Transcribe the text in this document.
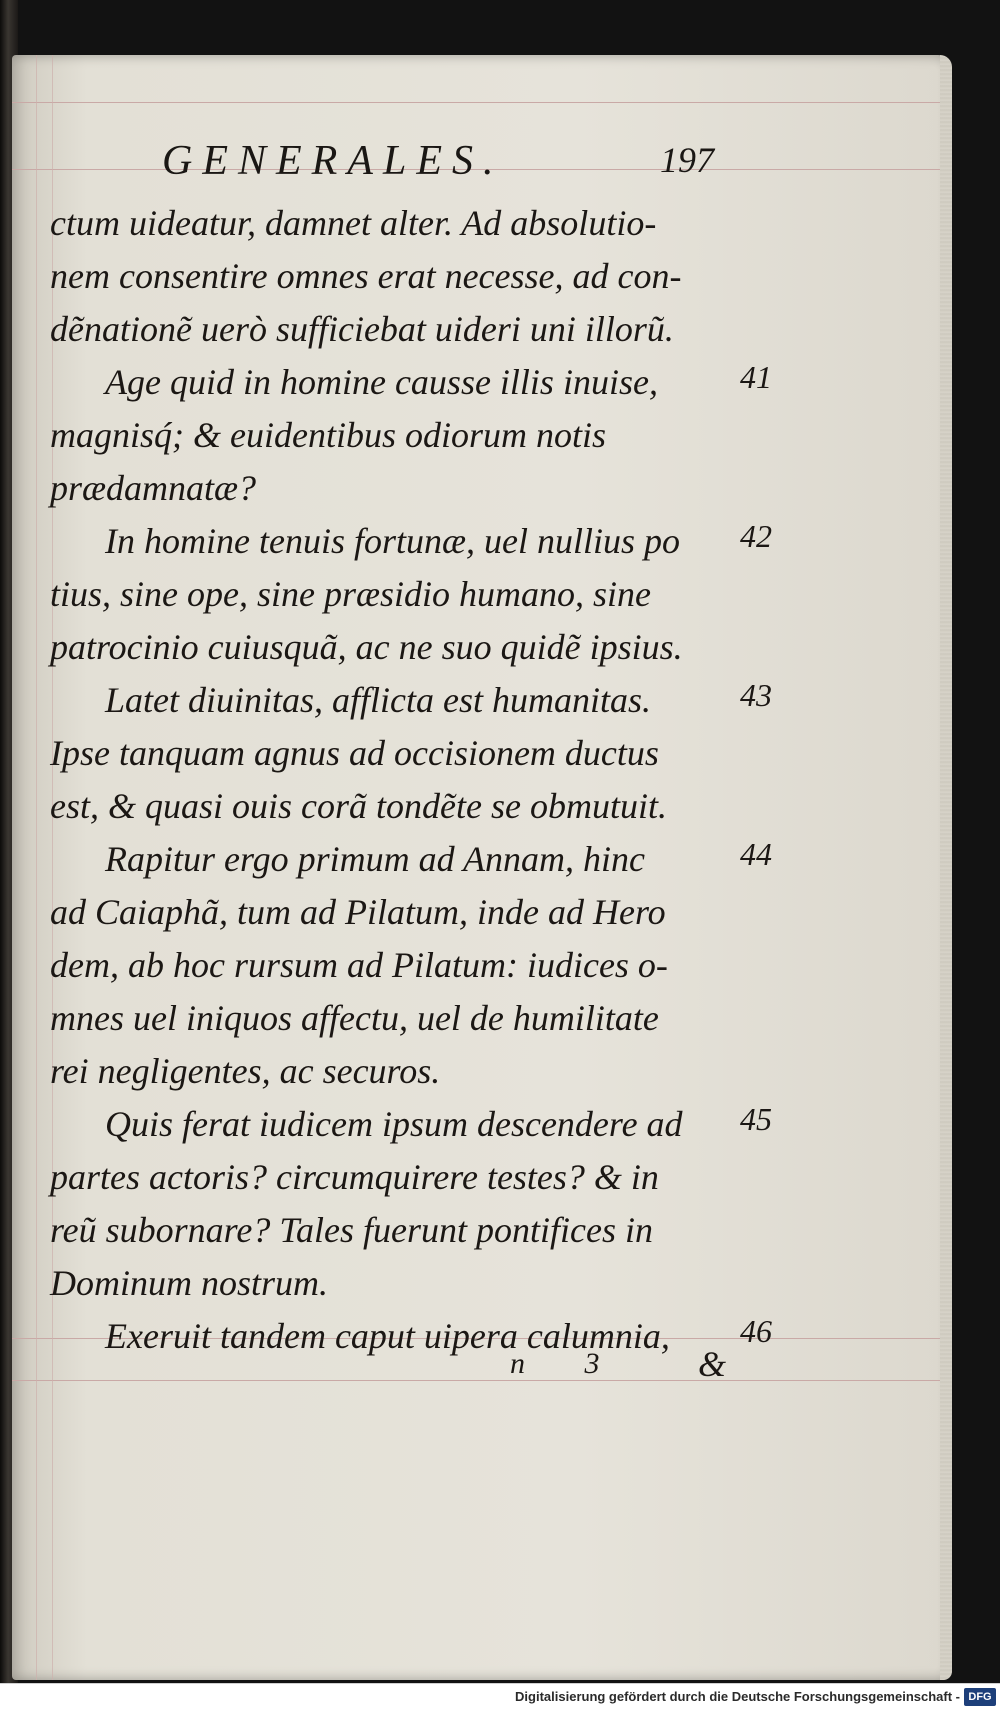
GENERALES.	197
ctum uideatur, damnet alter. Ad absolutio-
nem consentire omnes erat necesse, ad con-
dẽnationẽ uerò sufficiebat uideri uni illorũ.
Age quid in homine causse illis inuise,
magnisq́; & euidentibus odiorum notis
prædamnatæ?
In homine tenuis fortunæ, uel nullius po
tius, sine ope, sine præsidio humano, sine
patrocinio cuiusquã, ac ne suo quidẽ ipsius.
Latet diuinitas, afflicta est humanitas.
Ipse tanquam agnus ad occisionem ductus
est, & quasi ouis corã tondẽte se obmutuit.
Rapitur ergo primum ad Annam, hinc
ad Caiaphã, tum ad Pilatum, inde ad Hero
dem, ab hoc rursum ad Pilatum: iudices o-
mnes uel iniquos affectu, uel de humilitate
rei negligentes, ac securos.
Quis ferat iudicem ipsum descendere ad
partes actoris? circumquirere testes? & in
reũ subornare? Tales fuerunt pontifices in
Dominum nostrum.
Exeruit tandem caput uipera calumnia,
41
42
43
44
45
46
n 3 &
Digitalisierung gefördert durch die Deutsche Forschungsgemeinschaft - DFG
